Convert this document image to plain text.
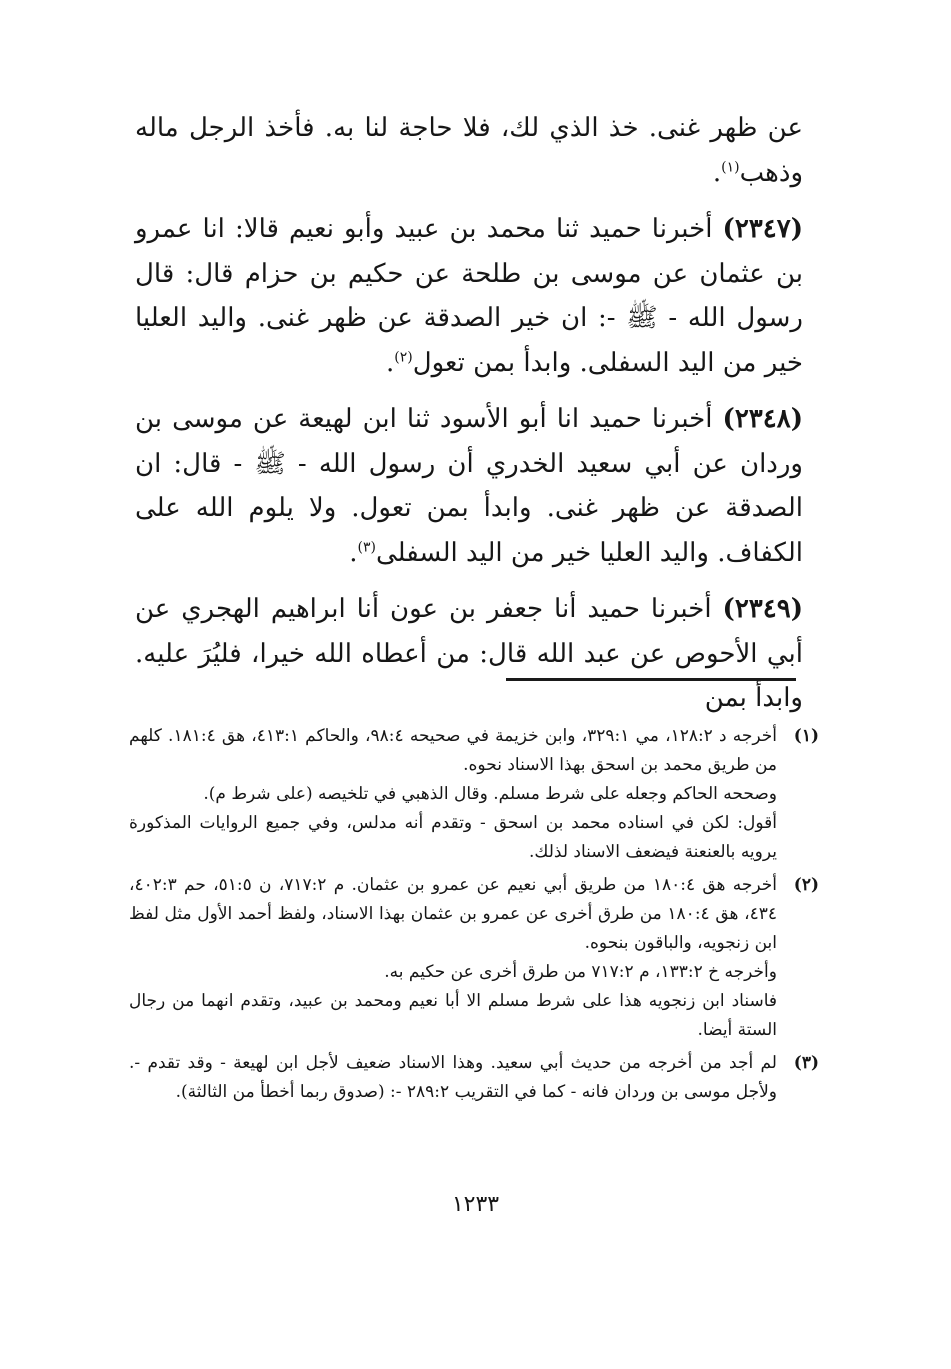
عن ظهر غنى. خذ الذي لك، فلا حاجة لنا به. فأخذ الرجل ماله وذهب$^{(١)}$.

(٢٣٤٧) أخبرنا حميد ثنا محمد بن عبيد وأبو نعيم قالا: انا عمرو بن عثمان عن موسى بن طلحة عن حكيم بن حزام قال: قال رسول الله - ﷺ -: ان خير الصدقة عن ظهر غنى. واليد العليا خير من اليد السفلى. وابدأ بمن تعول$^{(٢)}$.

(٢٣٤٨) أخبرنا حميد انا أبو الأسود ثنا ابن لهيعة عن موسى بن وردان عن أبي سعيد الخدري أن رسول الله - ﷺ - قال: ان الصدقة عن ظهر غنى. وابدأ بمن تعول. ولا يلوم الله على الكفاف. واليد العليا خير من اليد السفلى$^{(٣)}$.

(٢٣٤٩) أخبرنا حميد أنا جعفر بن عون أنا ابراهيم الهجري عن أبي الأحوص عن عبد الله قال: من أعطاه الله خيرا، فليُرَ عليه. وابدأ بمن

(١)

أخرجه د ١٢٨:٢، مي ٣٢٩:١، وابن خزيمة في صحيحه ٩٨:٤، والحاكم ٤١٣:١، هق ١٨١:٤. كلهم من طريق محمد بن اسحق بهذا الاسناد نحوه.

وصححه الحاكم وجعله على شرط مسلم. وقال الذهبي في تلخيصه (على شرط م).

أقول: لكن في اسناده محمد بن اسحق - وتقدم أنه مدلس، وفي جميع الروايات المذكورة يرويه بالعنعنة فيضعف الاسناد لذلك.

(٢)

أخرجه هق ١٨٠:٤ من طريق أبي نعيم عن عمرو بن عثمان. م ٧١٧:٢، ن ٥١:٥، حم ٤٠٢:٣، ٤٣٤، هق ١٨٠:٤ من طرق أخرى عن عمرو بن عثمان بهذا الاسناد، ولفظ أحمد الأول مثل لفظ ابن زنجويه، والباقون بنحوه.

وأخرجه خ ١٣٣:٢، م ٧١٧:٢ من طرق أخرى عن حكيم به.

فاسناد ابن زنجويه هذا على شرط مسلم الا أبا نعيم ومحمد بن عبيد، وتقدم انهما من رجال الستة أيضا.

(٣)

لم أجد من أخرجه من حديث أبي سعيد. وهذا الاسناد ضعيف لأجل ابن لهيعة - وقد تقدم -. ولأجل موسى بن وردان فانه - كما في التقريب ٢٨٩:٢ -: (صدوق ربما أخطأ من الثالثة).

١٢٣٣
